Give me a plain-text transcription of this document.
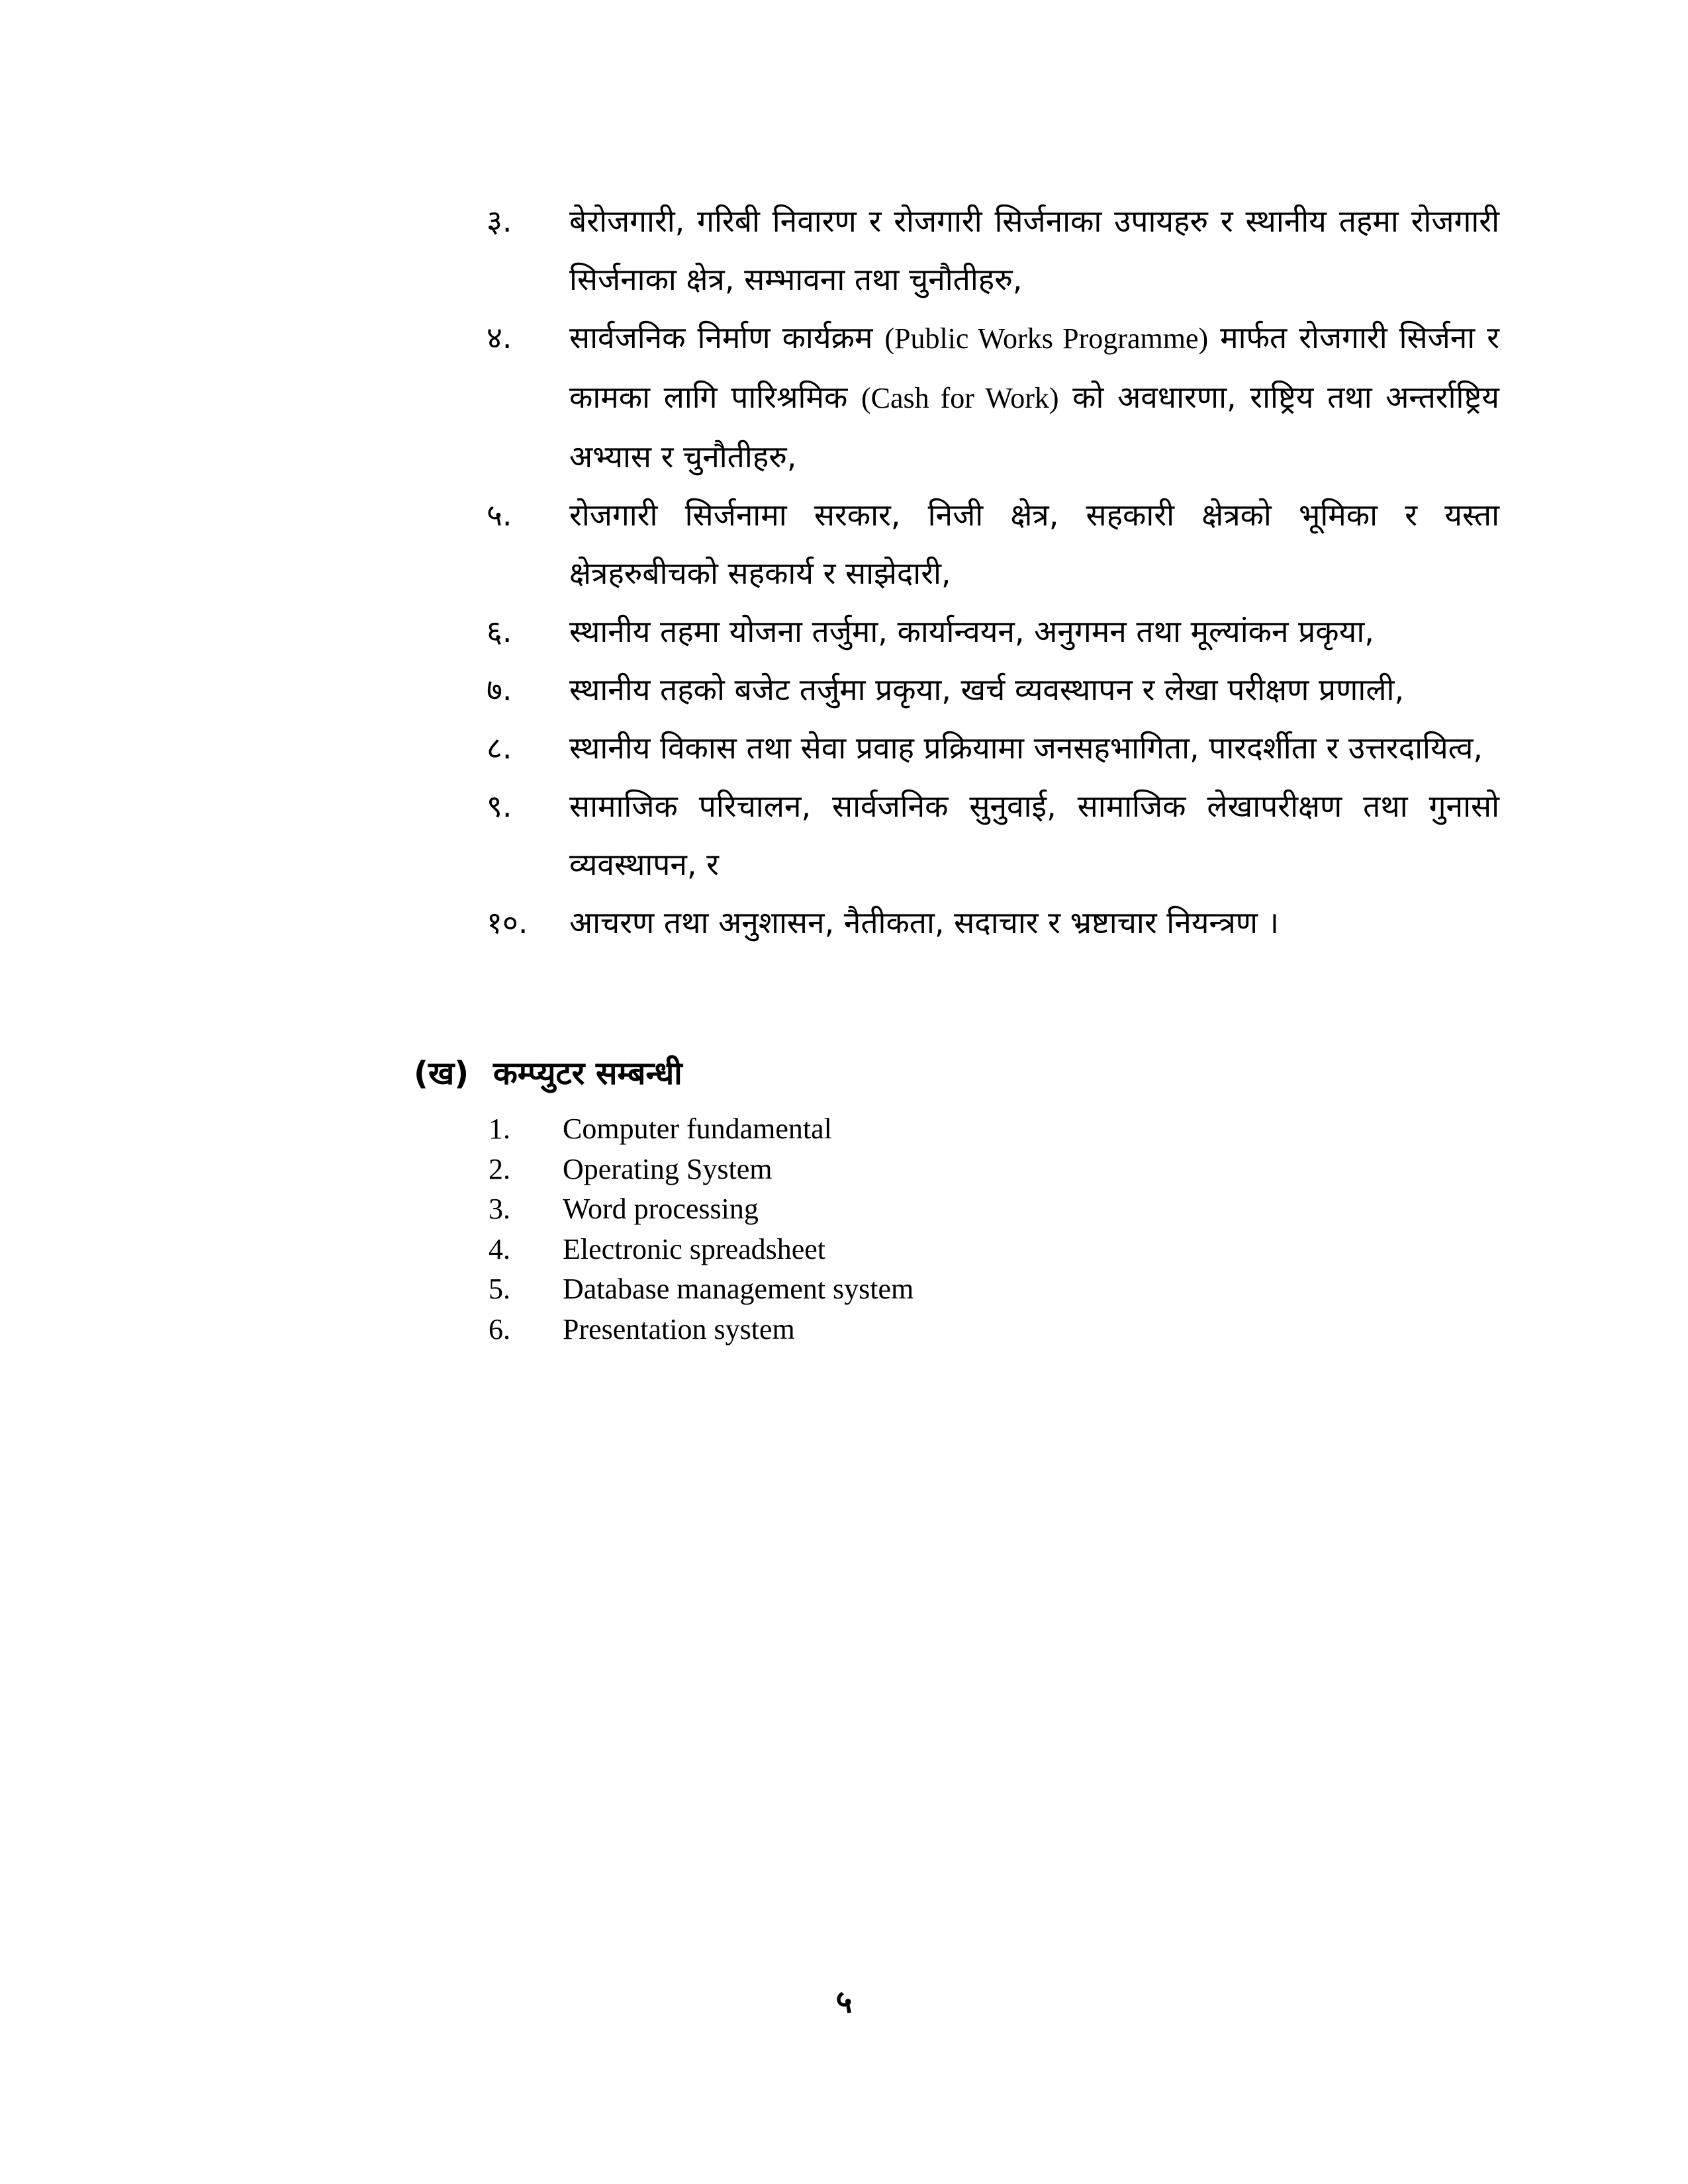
३.	बेरोजगारी, गरिबी निवारण र रोजगारी सिर्जनाका उपायहरु र स्थानीय तहमा रोजगारी सिर्जनाका क्षेत्र, सम्भावना तथा चुनौतीहरु,
४.	सार्वजनिक निर्माण कार्यक्रम (Public Works Programme) मार्फत रोजगारी सिर्जना र कामका लागि पारिश्रमिक (Cash for Work) को अवधारणा, राष्ट्रिय तथा अन्तर्राष्ट्रिय अभ्यास र चुनौतीहरु,
५.	रोजगारी सिर्जनामा सरकार, निजी क्षेत्र, सहकारी क्षेत्रको भूमिका र यस्ता क्षेत्रहरुबीचको सहकार्य र साझेदारी,
६.	स्थानीय तहमा योजना तर्जुमा, कार्यान्वयन, अनुगमन तथा मूल्यांकन प्रकृया,
७.	स्थानीय तहको बजेट तर्जुमा प्रकृया, खर्च व्यवस्थापन र लेखा परीक्षण प्रणाली,
८.	स्थानीय विकास तथा सेवा प्रवाह प्रक्रियामा जनसहभागिता, पारदर्शीता र उत्तरदायित्व,
९.	सामाजिक परिचालन, सार्वजनिक सुनुवाई, सामाजिक लेखापरीक्षण तथा गुनासो व्यवस्थापन, र
१०.	आचरण तथा अनुशासन, नैतीकता, सदाचार र भ्रष्टाचार नियन्त्रण ।
(ख) कम्प्युटर सम्बन्धी
1.	Computer fundamental
2.	Operating System
3.	Word processing
4.	Electronic spreadsheet
5.	Database management system
6.	Presentation system
५
